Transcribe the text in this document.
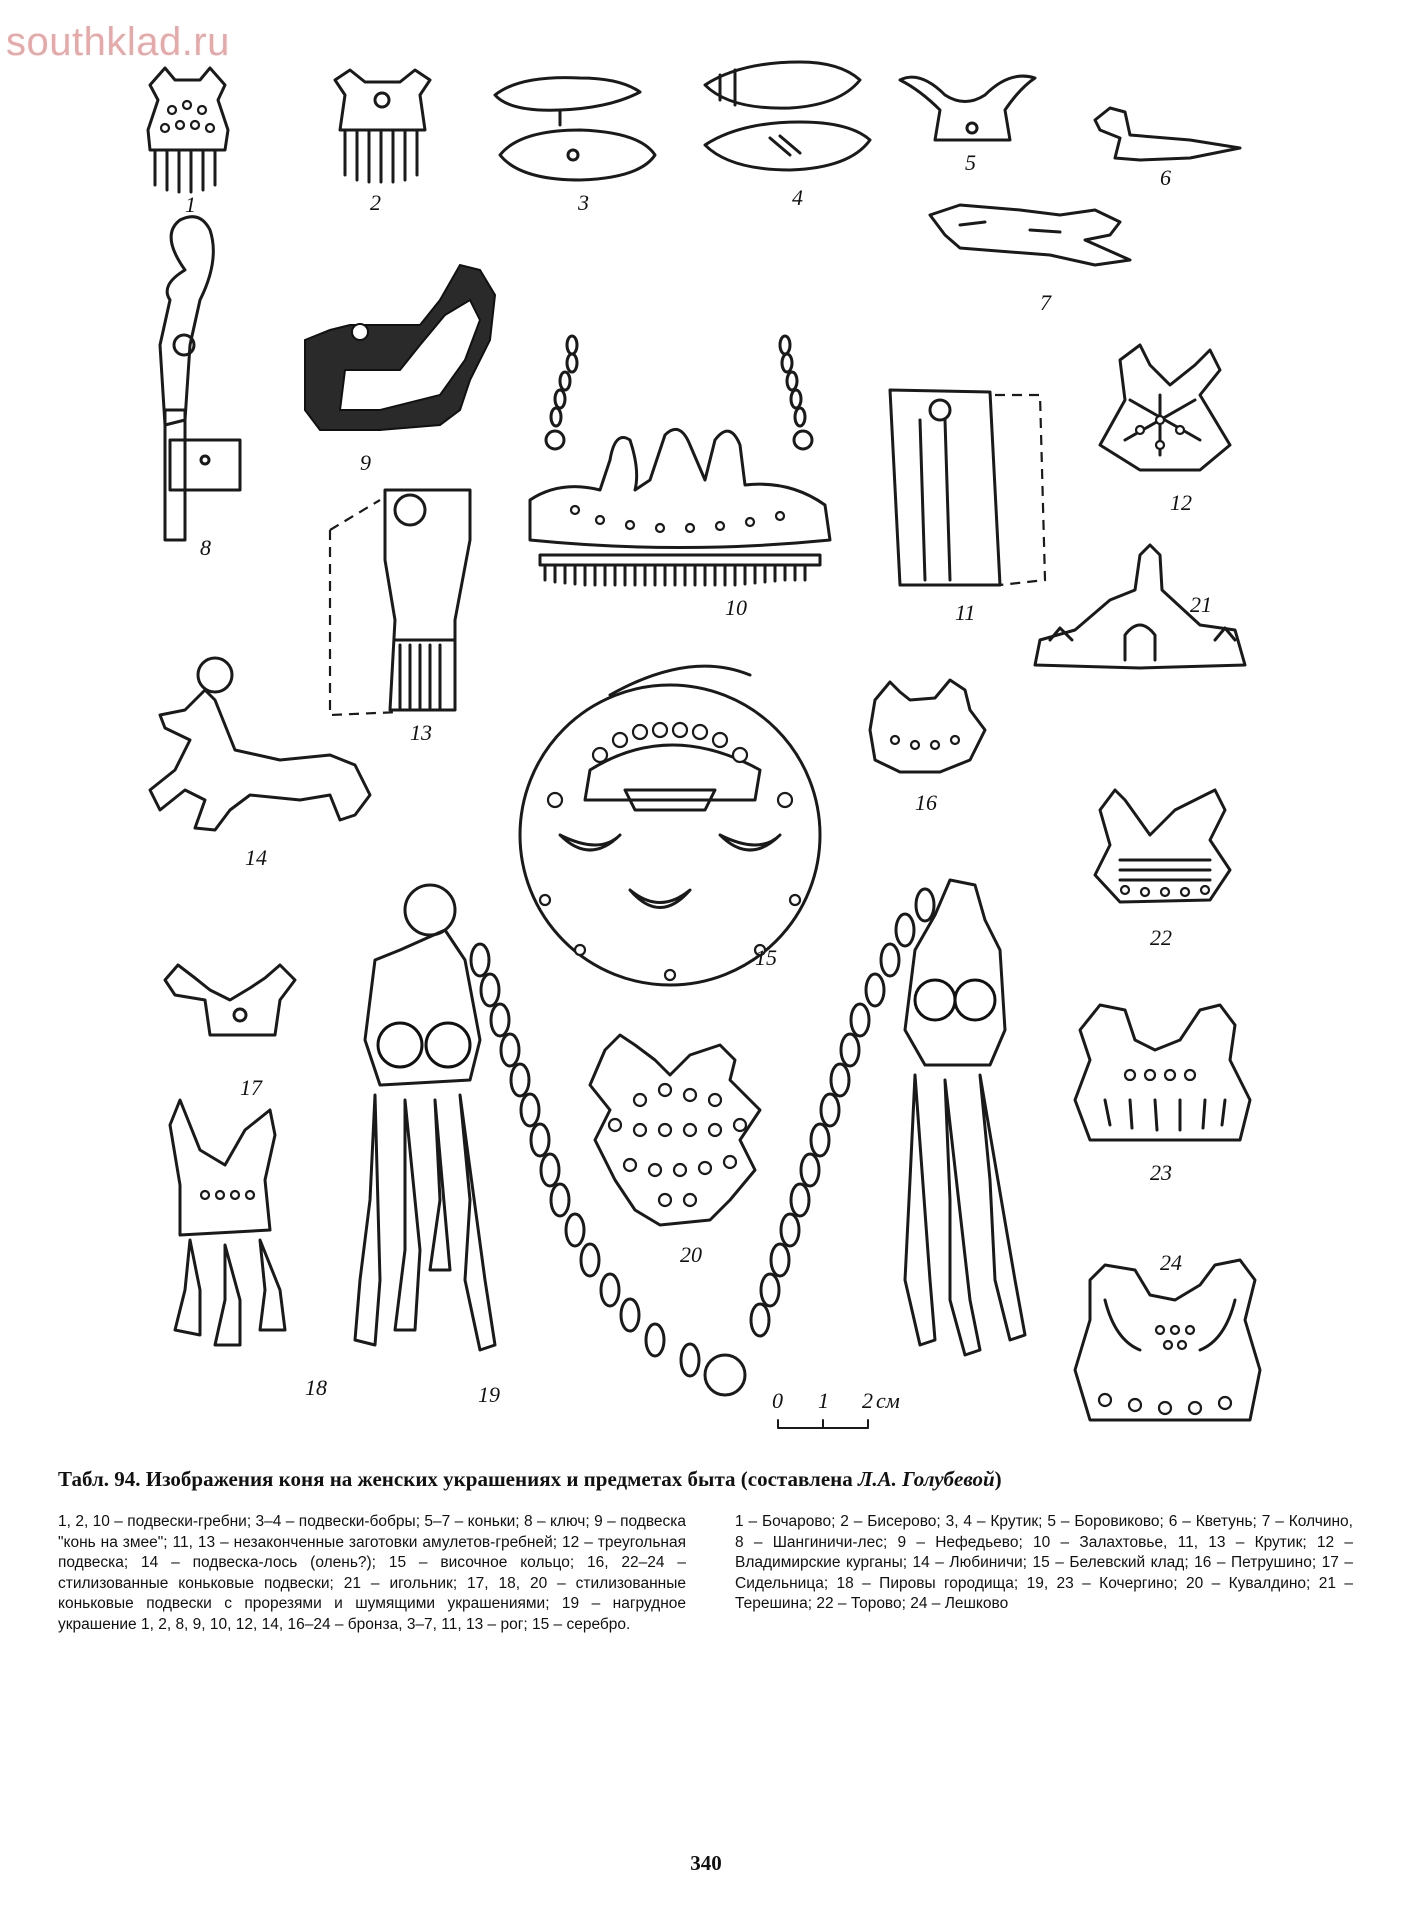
southklad.ru
1	2	3	4
5
6
7
8
9
10	11
12
13
14
15
16
17
18	19
20
21
22
23
24
0 1 2 см
Табл. 94. Изображения коня на женских украшениях и предметах быта (составлена Л.А. Голубевой)
1, 2, 10 – подвески-гребни; 3–4 – подвески-бобры; 5–7 – коньки; 8 – ключ; 9 – подвеска "конь на змее"; 11, 13 – незаконченные заготовки амулетов-гребней; 12 – треугольная подвеска; 14 – подвеска-лось (олень?); 15 – височное кольцо; 16, 22–24 – стилизованные коньковые подвески; 21 – игольник; 17, 18, 20 – стилизованные коньковые подвески с прорезями и шумящими украшениями; 19 – нагрудное украшение 1, 2, 8, 9, 10, 12, 14, 16–24 – бронза, 3–7, 11, 13 – рог; 15 – серебро.
1 – Бочарово; 2 – Бисерово; 3, 4 – Крутик; 5 – Боровиково; 6 – Кветунь; 7 – Колчино, 8 – Шангиничи-лес; 9 – Нефедьево; 10 – Залахтовье, 11, 13 – Крутик; 12 – Владимирские курганы; 14 – Любиничи; 15 – Белевский клад; 16 – Петрушино; 17 – Сидельница; 18 – Пировы городища; 19, 23 – Кочергино; 20 – Кувалдино; 21 – Терешина; 22 – Торово; 24 – Лешково
340
